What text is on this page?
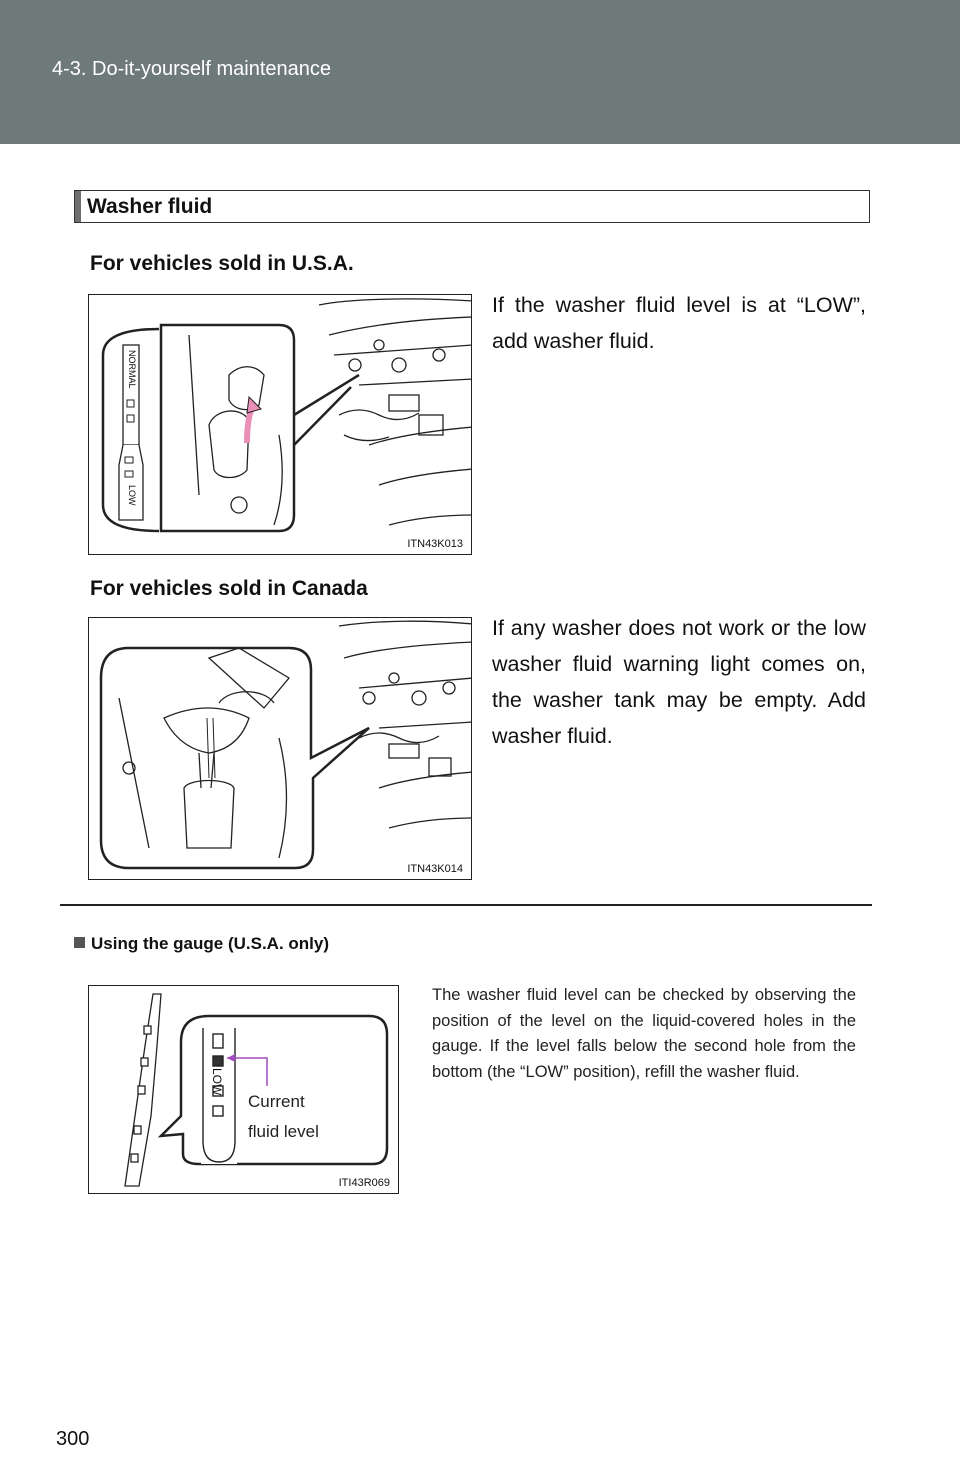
4-3. Do-it-yourself maintenance
Washer fluid
For vehicles sold in U.S.A.
NORMAL
LOW
ITN43K013
If the washer fluid level is at “LOW”, add washer fluid.
For vehicles sold in Canada
ITN43K014
If any washer does not work or the low washer fluid warning light comes on, the washer tank may be empty. Add washer fluid.
Using the gauge (U.S.A. only)
LOW
ITI43R069
Current
fluid level
The washer fluid level can be checked by observing the position of the level on the liquid-covered holes in the gauge. If the level falls below the second hole from the bottom (the “LOW” position), refill the washer fluid.
300
